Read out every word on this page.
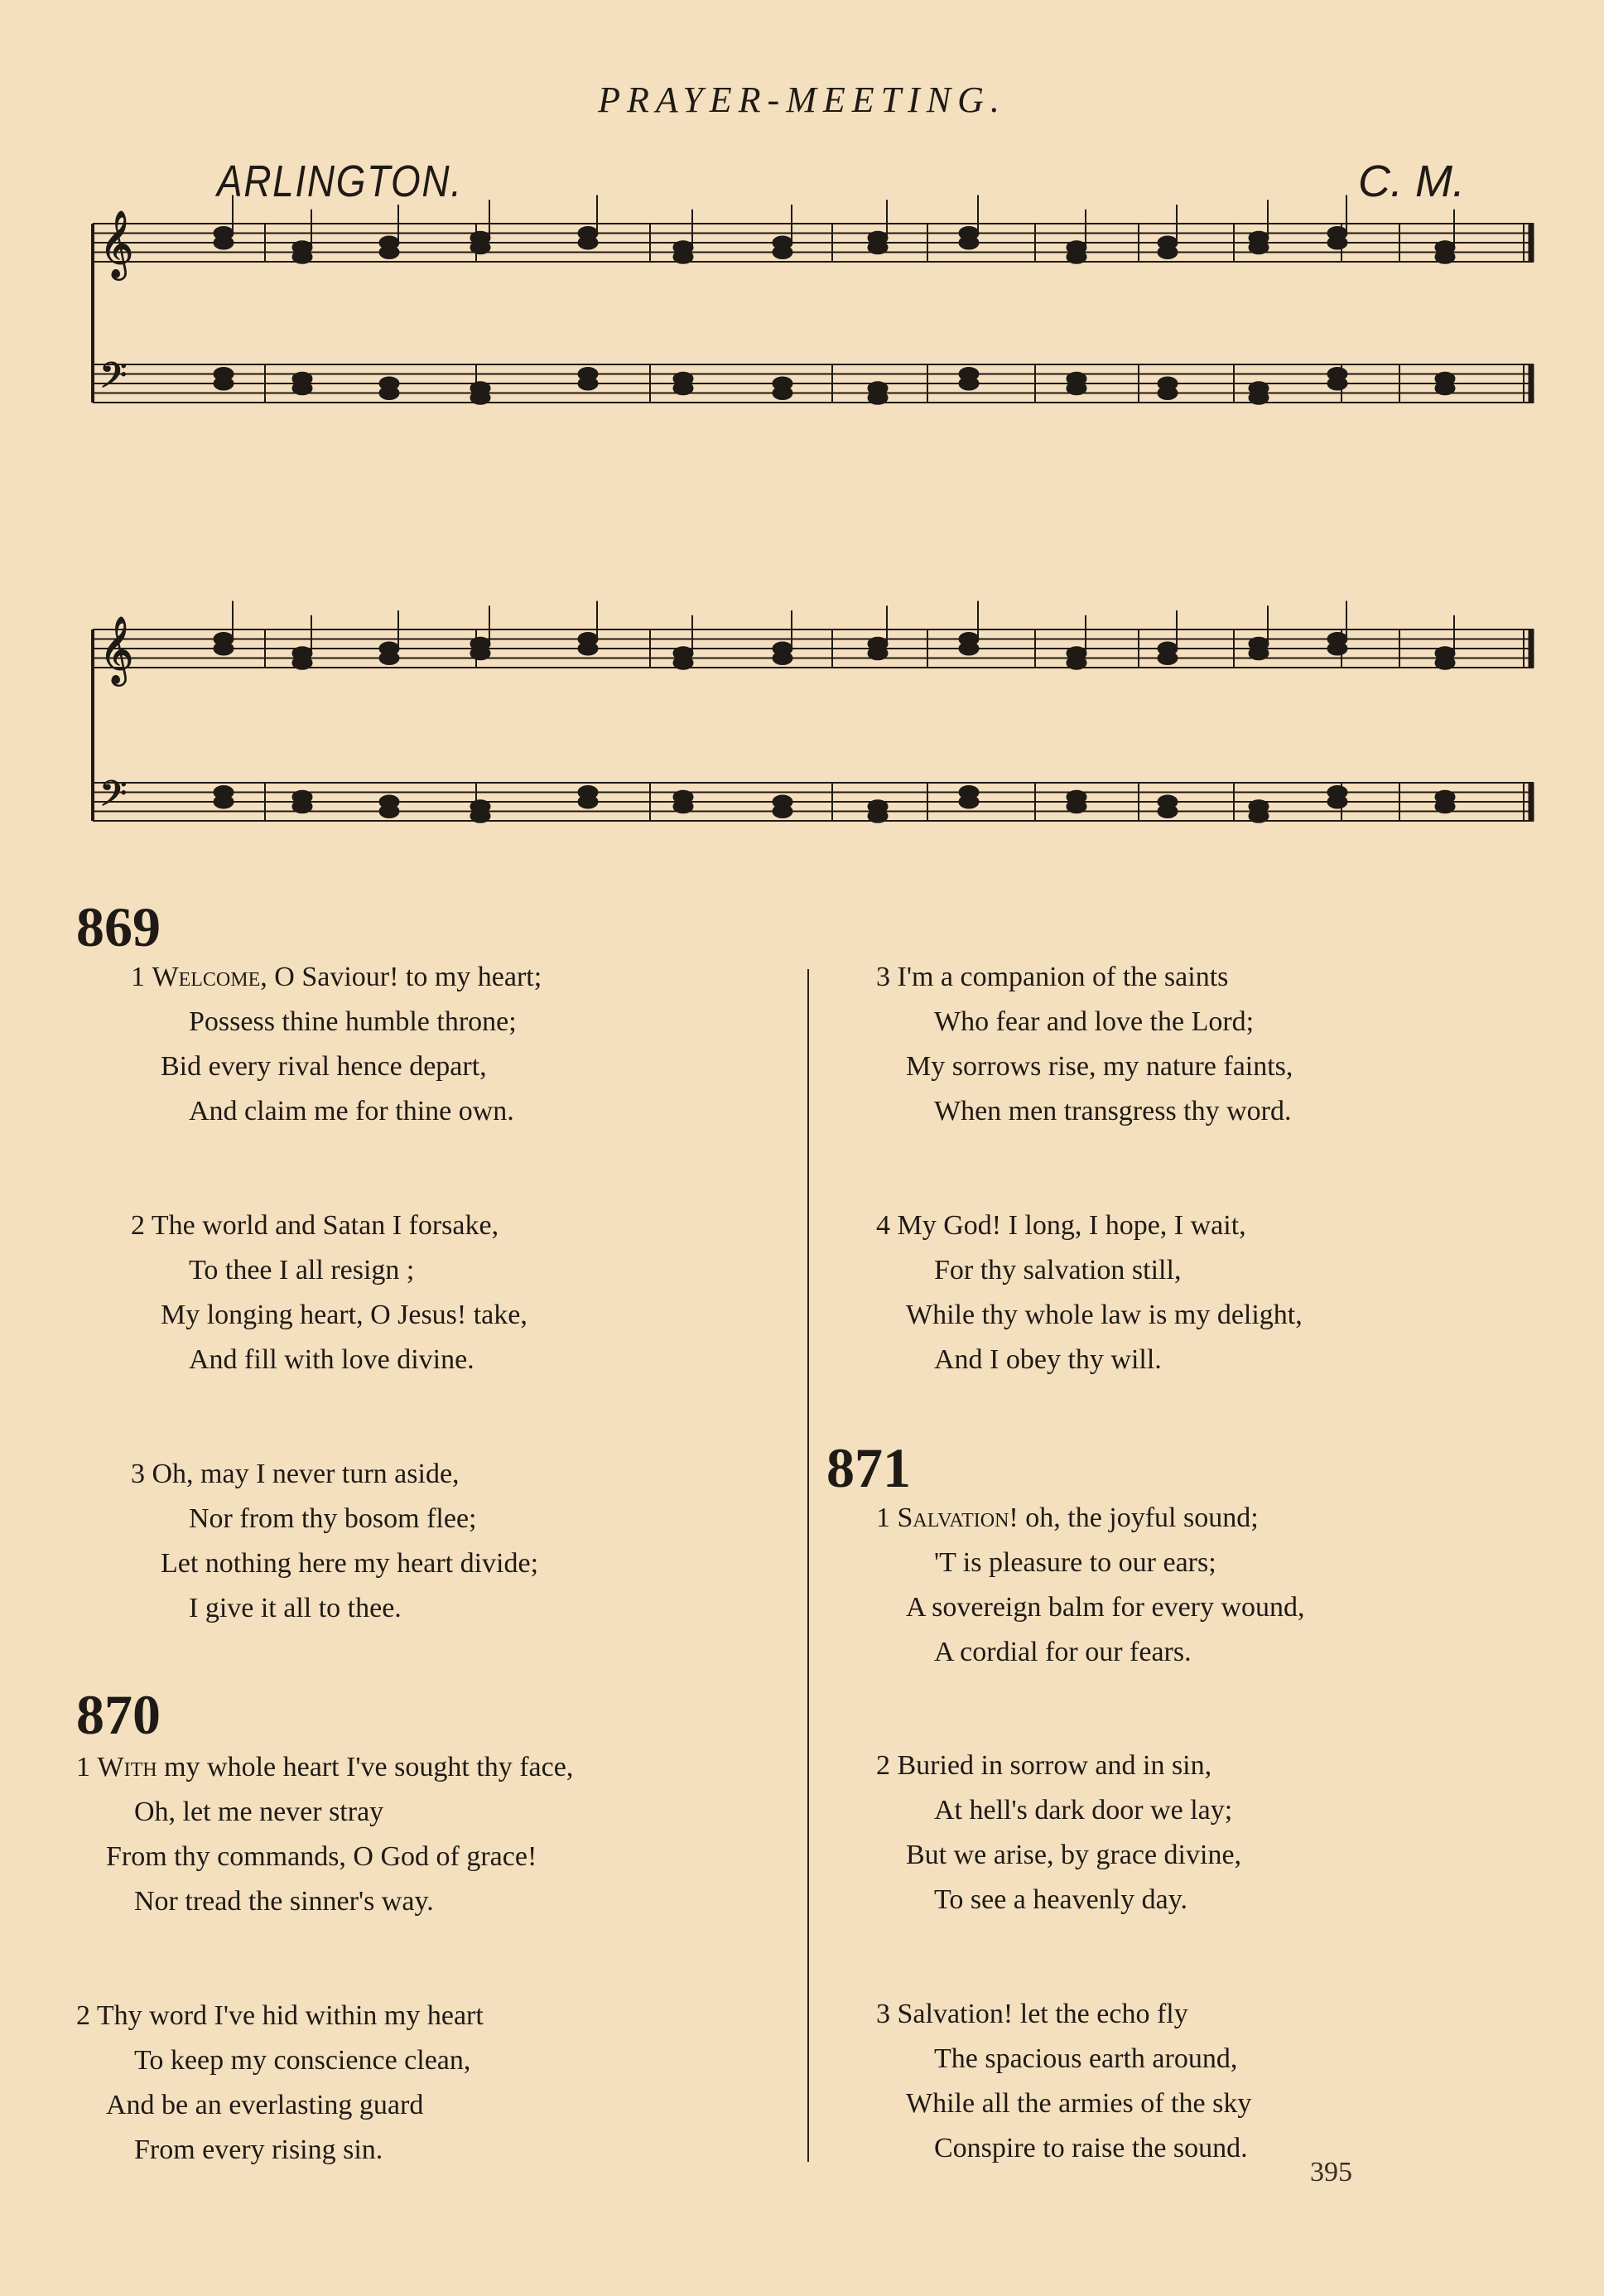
PRAYER-MEETING.
ARLINGTON.	C. M.
𝄞
𝄢
𝄞
𝄢
869
1 Welcome, O Saviour! to my heart;
Possess thine humble throne;
Bid every rival hence depart,
And claim me for thine own.
2 The world and Satan I forsake,
To thee I all resign ;
My longing heart, O Jesus! take,
And fill with love divine.
3 Oh, may I never turn aside,
Nor from thy bosom flee;
Let nothing here my heart divide;
I give it all to thee.
870
1 With my whole heart I've sought thy face,
Oh, let me never stray
From thy commands, O God of grace!
Nor tread the sinner's way.
2 Thy word I've hid within my heart
To keep my conscience clean,
And be an everlasting guard
From every rising sin.
3 I'm a companion of the saints
Who fear and love the Lord;
My sorrows rise, my nature faints,
When men transgress thy word.
4 My God! I long, I hope, I wait,
For thy salvation still,
While thy whole law is my delight,
And I obey thy will.
871
1 Salvation! oh, the joyful sound;
'T is pleasure to our ears;
A sovereign balm for every wound,
A cordial for our fears.
2 Buried in sorrow and in sin,
At hell's dark door we lay;
But we arise, by grace divine,
To see a heavenly day.
3 Salvation! let the echo fly
The spacious earth around,
While all the armies of the sky
Conspire to raise the sound.
395
